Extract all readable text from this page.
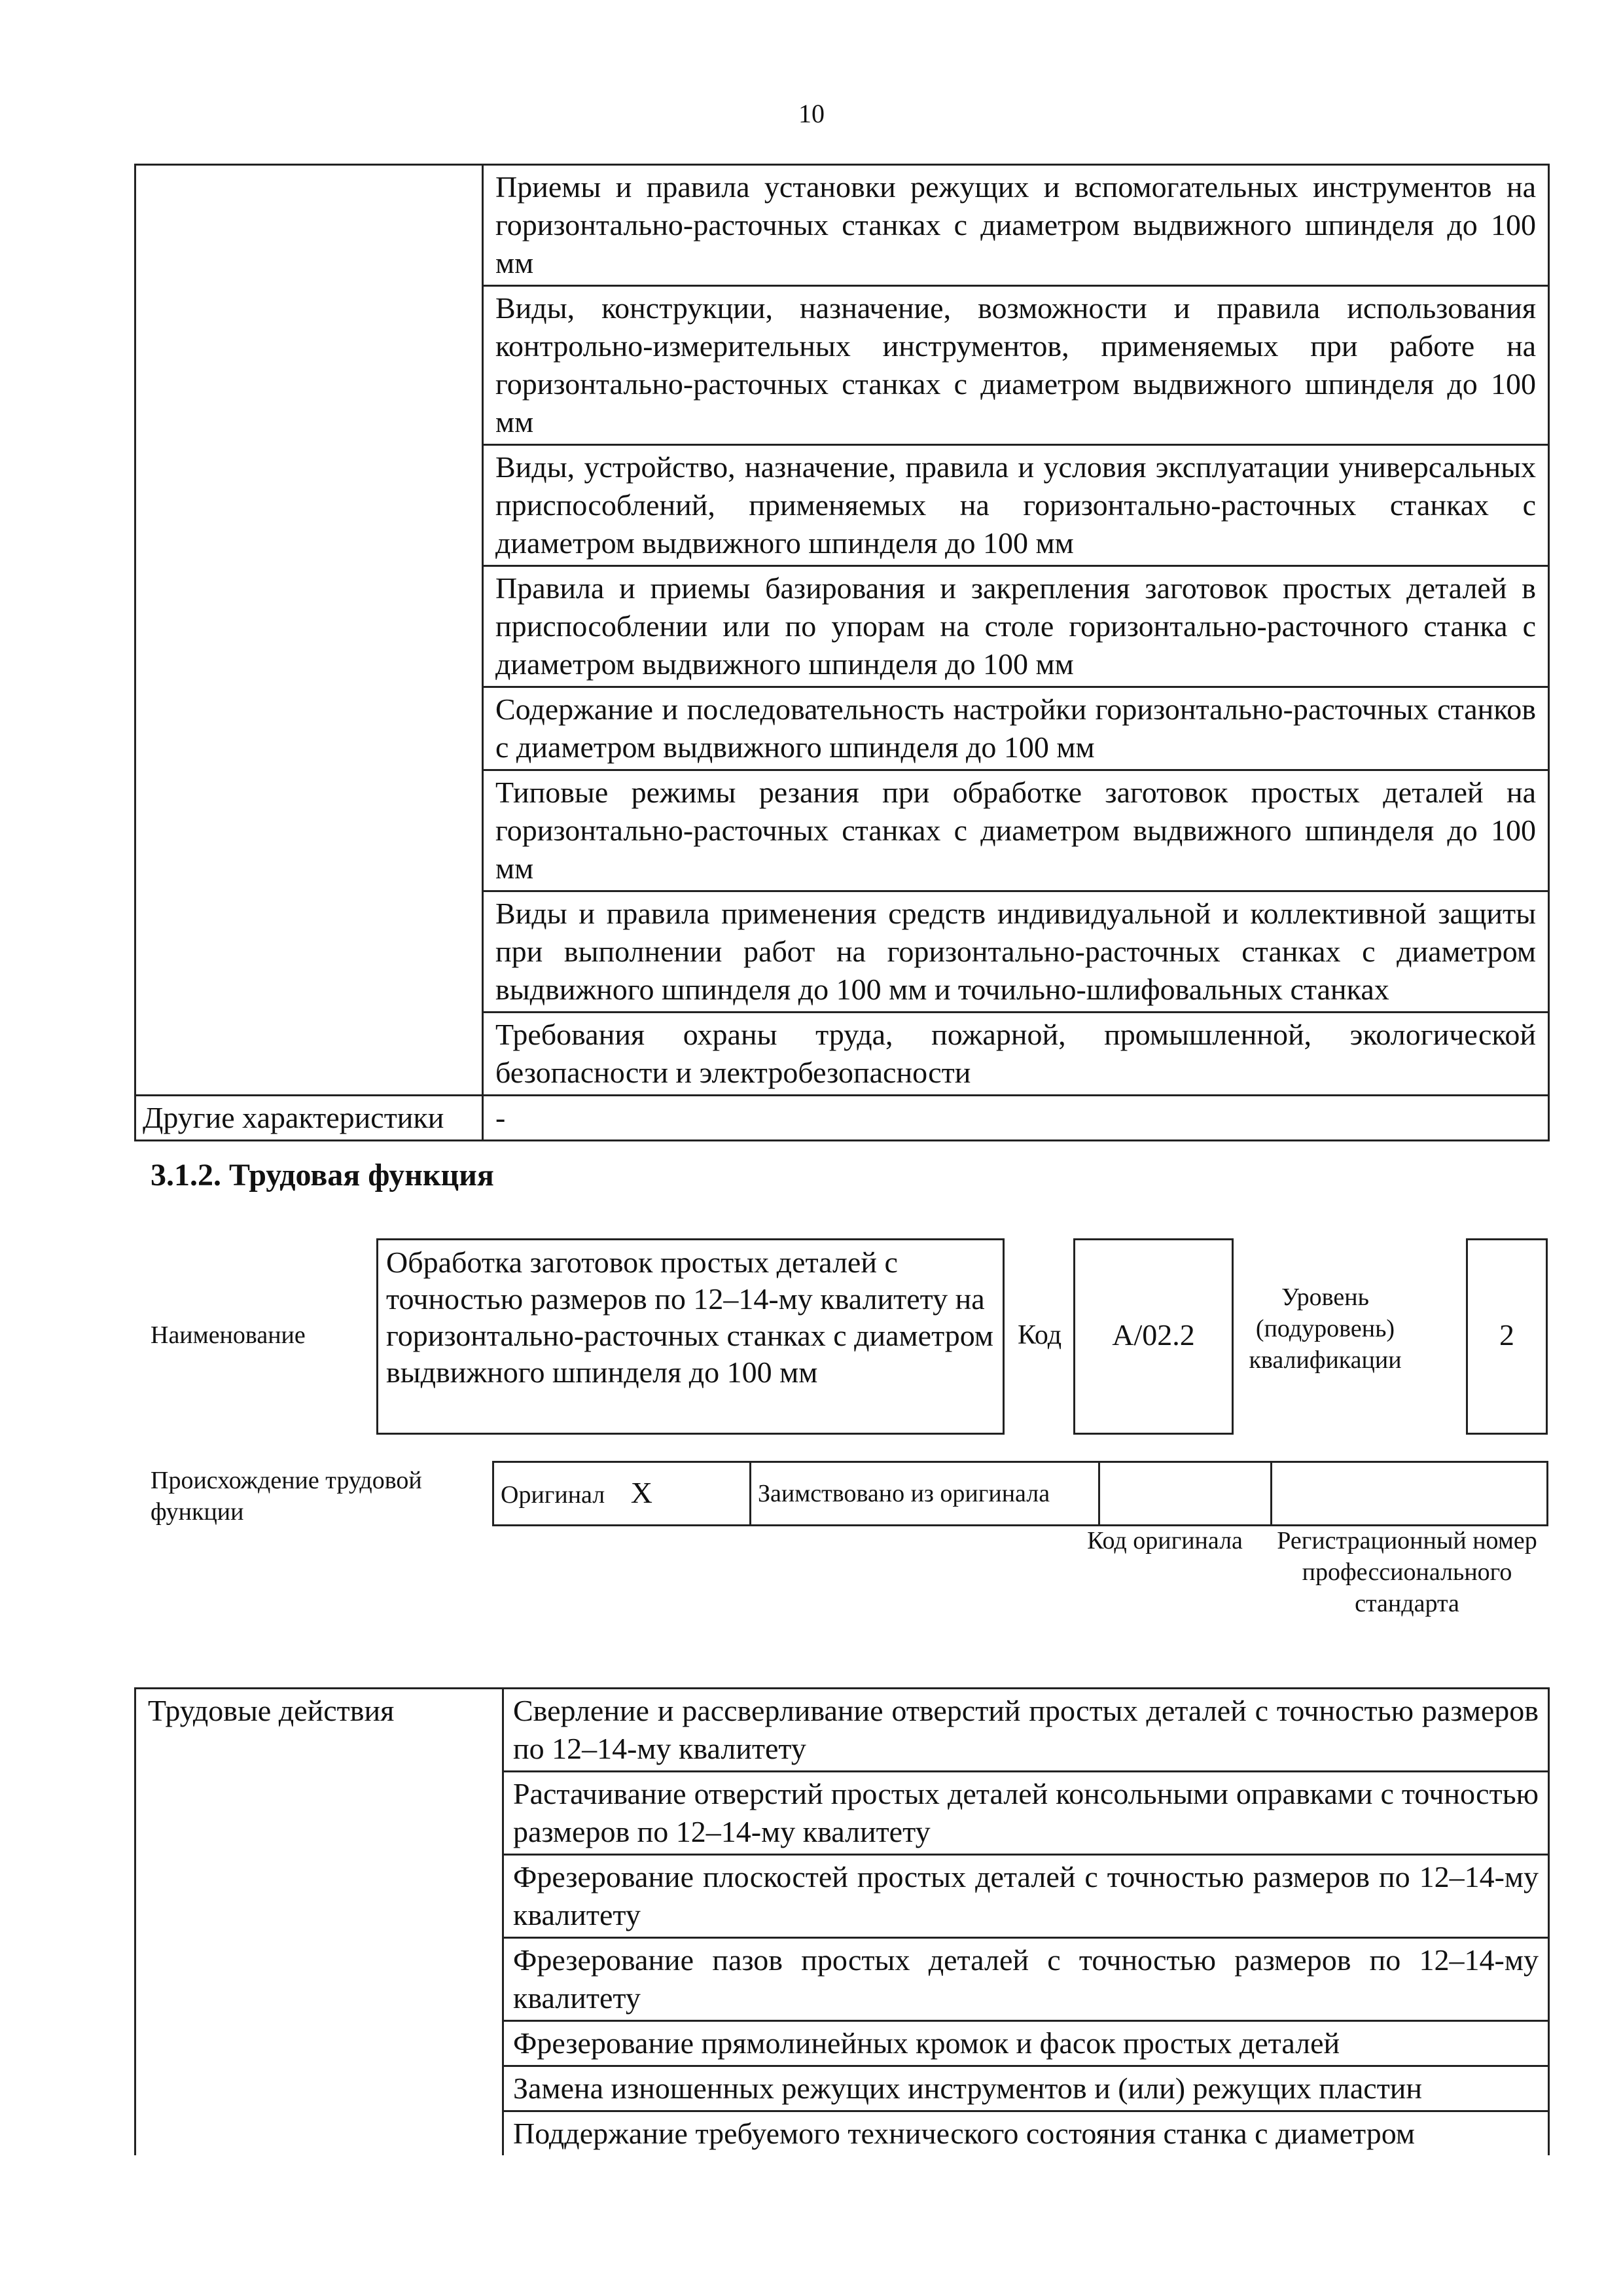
10
	Приемы и правила установки режущих и вспомогательных инструментов на горизонтально-расточных станках с диаметром выдвижного шпинделя до 100 мм
	Виды, конструкции, назначение, возможности и правила использования контрольно-измерительных инструментов, применяемых при работе на горизонтально-расточных станках с диаметром выдвижного шпинделя до 100 мм
	Виды, устройство, назначение, правила и условия эксплуатации универсальных приспособлений, применяемых на горизонтально-расточных станках с диаметром выдвижного шпинделя до 100 мм
	Правила и приемы базирования и закрепления заготовок простых деталей в приспособлении или по упорам на столе горизонтально-расточного станка с диаметром выдвижного шпинделя до 100 мм
	Содержание и последовательность настройки горизонтально-расточных станков с диаметром выдвижного шпинделя до 100 мм
	Типовые режимы резания при обработке заготовок простых деталей на горизонтально-расточных станках с диаметром выдвижного шпинделя до 100 мм
	Виды и правила применения средств индивидуальной и коллективной защиты при выполнении работ на горизонтально-расточных станках с диаметром выдвижного шпинделя до 100 мм и точильно-шлифовальных станках
	Требования охраны труда, пожарной, промышленной, экологической безопасности и электробезопасности
Другие характеристики	-
3.1.2. Трудовая функция
Наименование
Обработка заготовок простых деталей с точностью размеров по 12–14-му квалитету на горизонтально-расточных станках с диаметром выдвижного шпинделя до 100 мм
Код	А/02.2
Уровень (подуровень) квалификации
2
Происхождение трудовой функции
Оригинал X	Заимствовано из оригинала		
Код оригинала	Регистрационный номер профессионального стандарта
Трудовые действия	Сверление и рассверливание отверстий простых деталей с точностью размеров по 12–14-му квалитету
Растачивание отверстий простых деталей консольными оправками с точностью размеров по 12–14-му квалитету
Фрезерование плоскостей простых деталей с точностью размеров по 12–14-му квалитету
Фрезерование пазов простых деталей с точностью размеров по 12–14-му квалитету
Фрезерование прямолинейных кромок и фасок простых деталей
Замена изношенных режущих инструментов и (или) режущих пластин
Поддержание требуемого технического состояния станка с диаметром
